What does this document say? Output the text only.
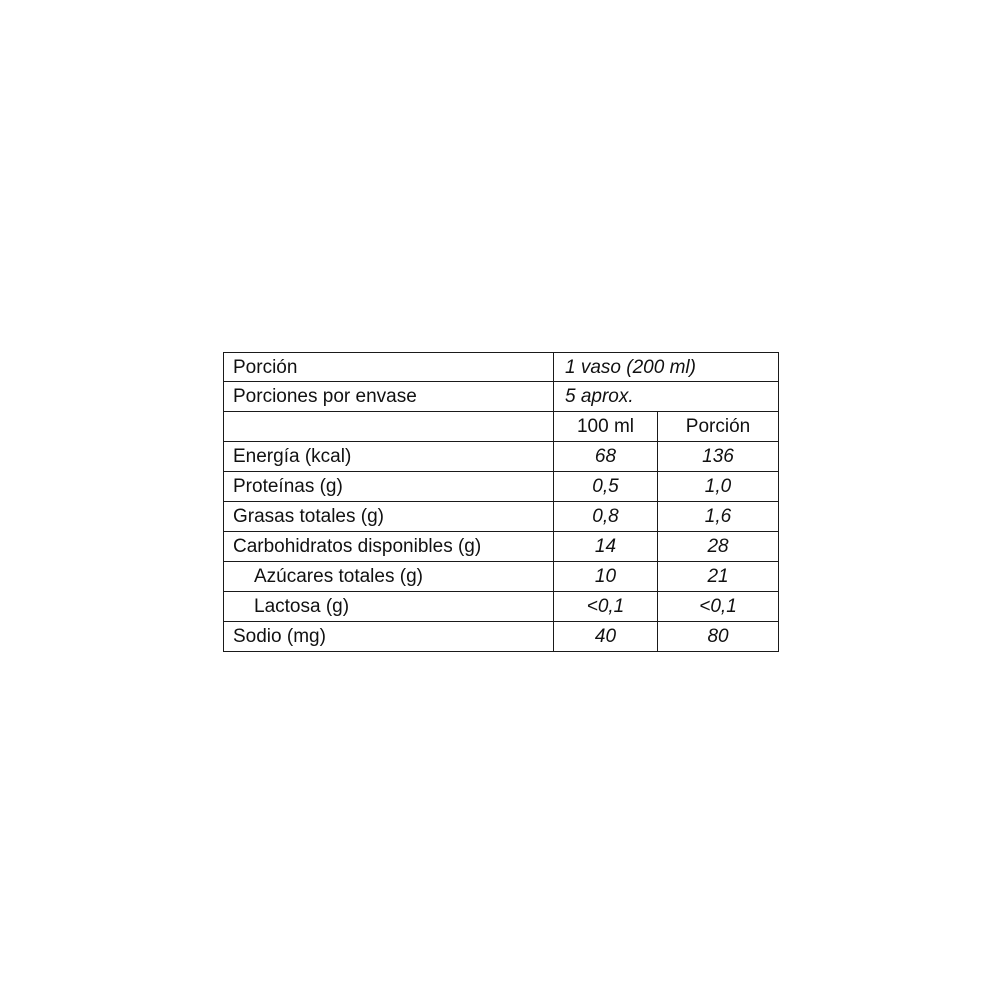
Porción	1 vaso (200 ml)	
Porciones por envase	5 aprox.	
	100 ml	Porción
Energía (kcal)	68	136
Proteínas (g)	0,5	1,0
Grasas totales (g)	0,8	1,6
Carbohidratos disponibles (g)	14	28
Azúcares totales (g)	10	21
Lactosa (g)	<0,1	<0,1
Sodio (mg)	40	80
